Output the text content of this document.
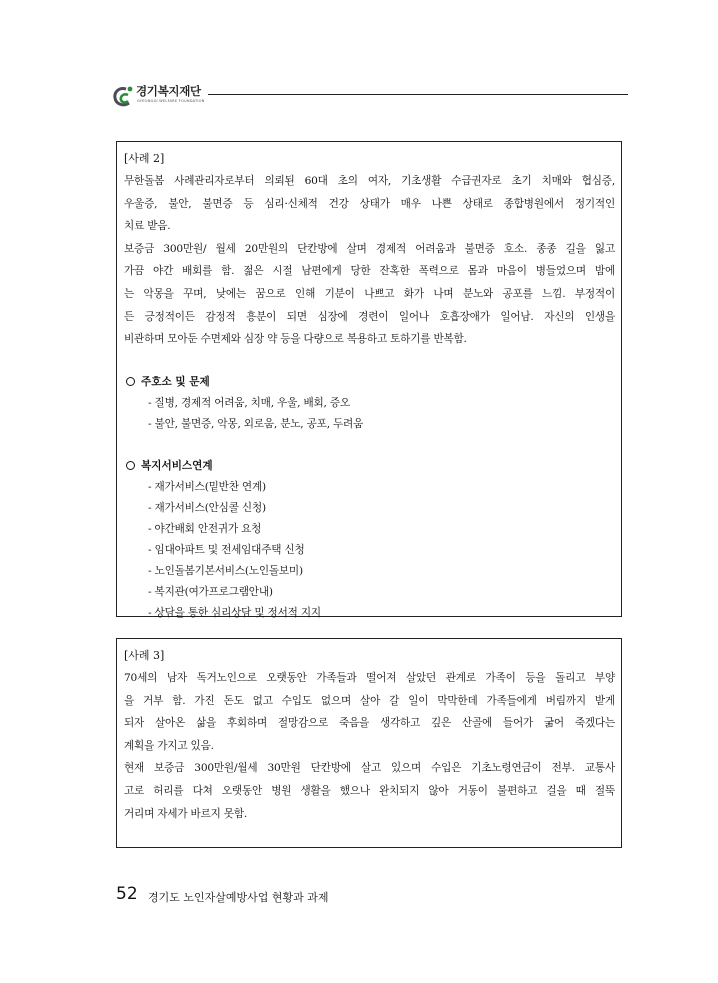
경기복지재단
GYEONGGI WELFARE FOUNDATION

[사례 2]

무한돌봄 사례관리자로부터 의뢰된 60대 초의 여자, 기초생활 수급권자로 초기 치매와 협심증,

우울증, 불안, 불면증 등 심리·신체적 건강 상태가 매우 나쁜 상태로 종합병원에서 정기적인

치료 받음.

보증금 300만원/ 월세 20만원의 단칸방에 살며 경제적 어려움과 불면증 호소. 종종 길을 잃고

가끔 야간 배회를 함. 젊은 시절 남편에게 당한 잔혹한 폭력으로 몸과 마음이 병들었으며 밤에

는 악몽을 꾸며, 낮에는 꿈으로 인해 기분이 나쁘고 화가 나며 분노와 공포를 느낌. 부정적이

든 긍정적이든 감정적 흥분이 되면 심장에 경련이 일어나 호흡장애가 일어남. 자신의 인생을

비관하며 모아둔 수면제와 심장 약 등을 다량으로 복용하고 토하기를 반복함.

주호소 및 문제

- 질병, 경제적 어려움, 치매, 우울, 배회, 증오
- 불안, 불면증, 악몽, 외로움, 분노, 공포, 두려움

복지서비스연계

- 재가서비스(밑반찬 연계)
- 재가서비스(안심콜 신청)
- 야간배회 안전귀가 요청
- 임대아파트 및 전세임대주택 신청
- 노인돌봄기본서비스(노인돌보미)
- 복지관(여가프로그램안내)
- 상담을 통한 심리상담 및 정서적 지지

[사례 3]

70세의 남자 독거노인으로 오랫동안 가족들과 떨어져 살았던 관계로 가족이 등을 돌리고 부양

을 거부 함. 가진 돈도 없고 수입도 없으며 살아 갈 일이 막막한데 가족들에게 버림까지 받게

되자 살아온 삶을 후회하며 절망감으로 죽음을 생각하고 깊은 산골에 들어가 굶어 죽겠다는

계획을 가지고 있음.

현재 보증금 300만원/월세 30만원 단칸방에 살고 있으며 수입은 기초노령연금이 전부. 교통사

고로 허리를 다쳐 오랫동안 병원 생활을 했으나 완치되지 않아 거동이 불편하고 걸을 때 절뚝

거리며 자세가 바르지 못함.

52 경기도 노인자살예방사업 현황과 과제
